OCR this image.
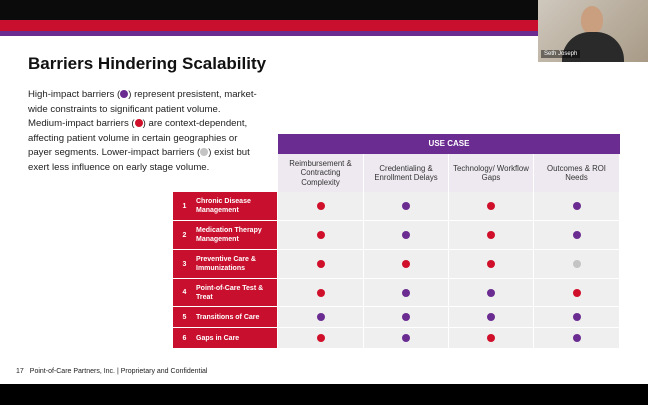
Seth Joseph
Barriers Hindering Scalability
High-impact barriers ( ) represent presistent, market-wide constraints to significant patient volume. Medium-impact barriers ( ) are context-dependent, affecting patient volume in certain geographies or payer segments. Lower-impact barriers ( ) exist but exert less influence on early stage volume.
USE CASE
Reimbursement & Contracting Complexity
Credentialing & Enrollment Delays
Technology/ Workflow Gaps
Outcomes & ROI Needs
1
Chronic Disease Management
2
Medication Therapy Management
3
Preventive Care & Immunizations
4
Point-of-Care Test & Treat
5	Transitions of Care
6	Gaps in Care
17 Point-of-Care Partners, Inc. | Proprietary and Confidential
